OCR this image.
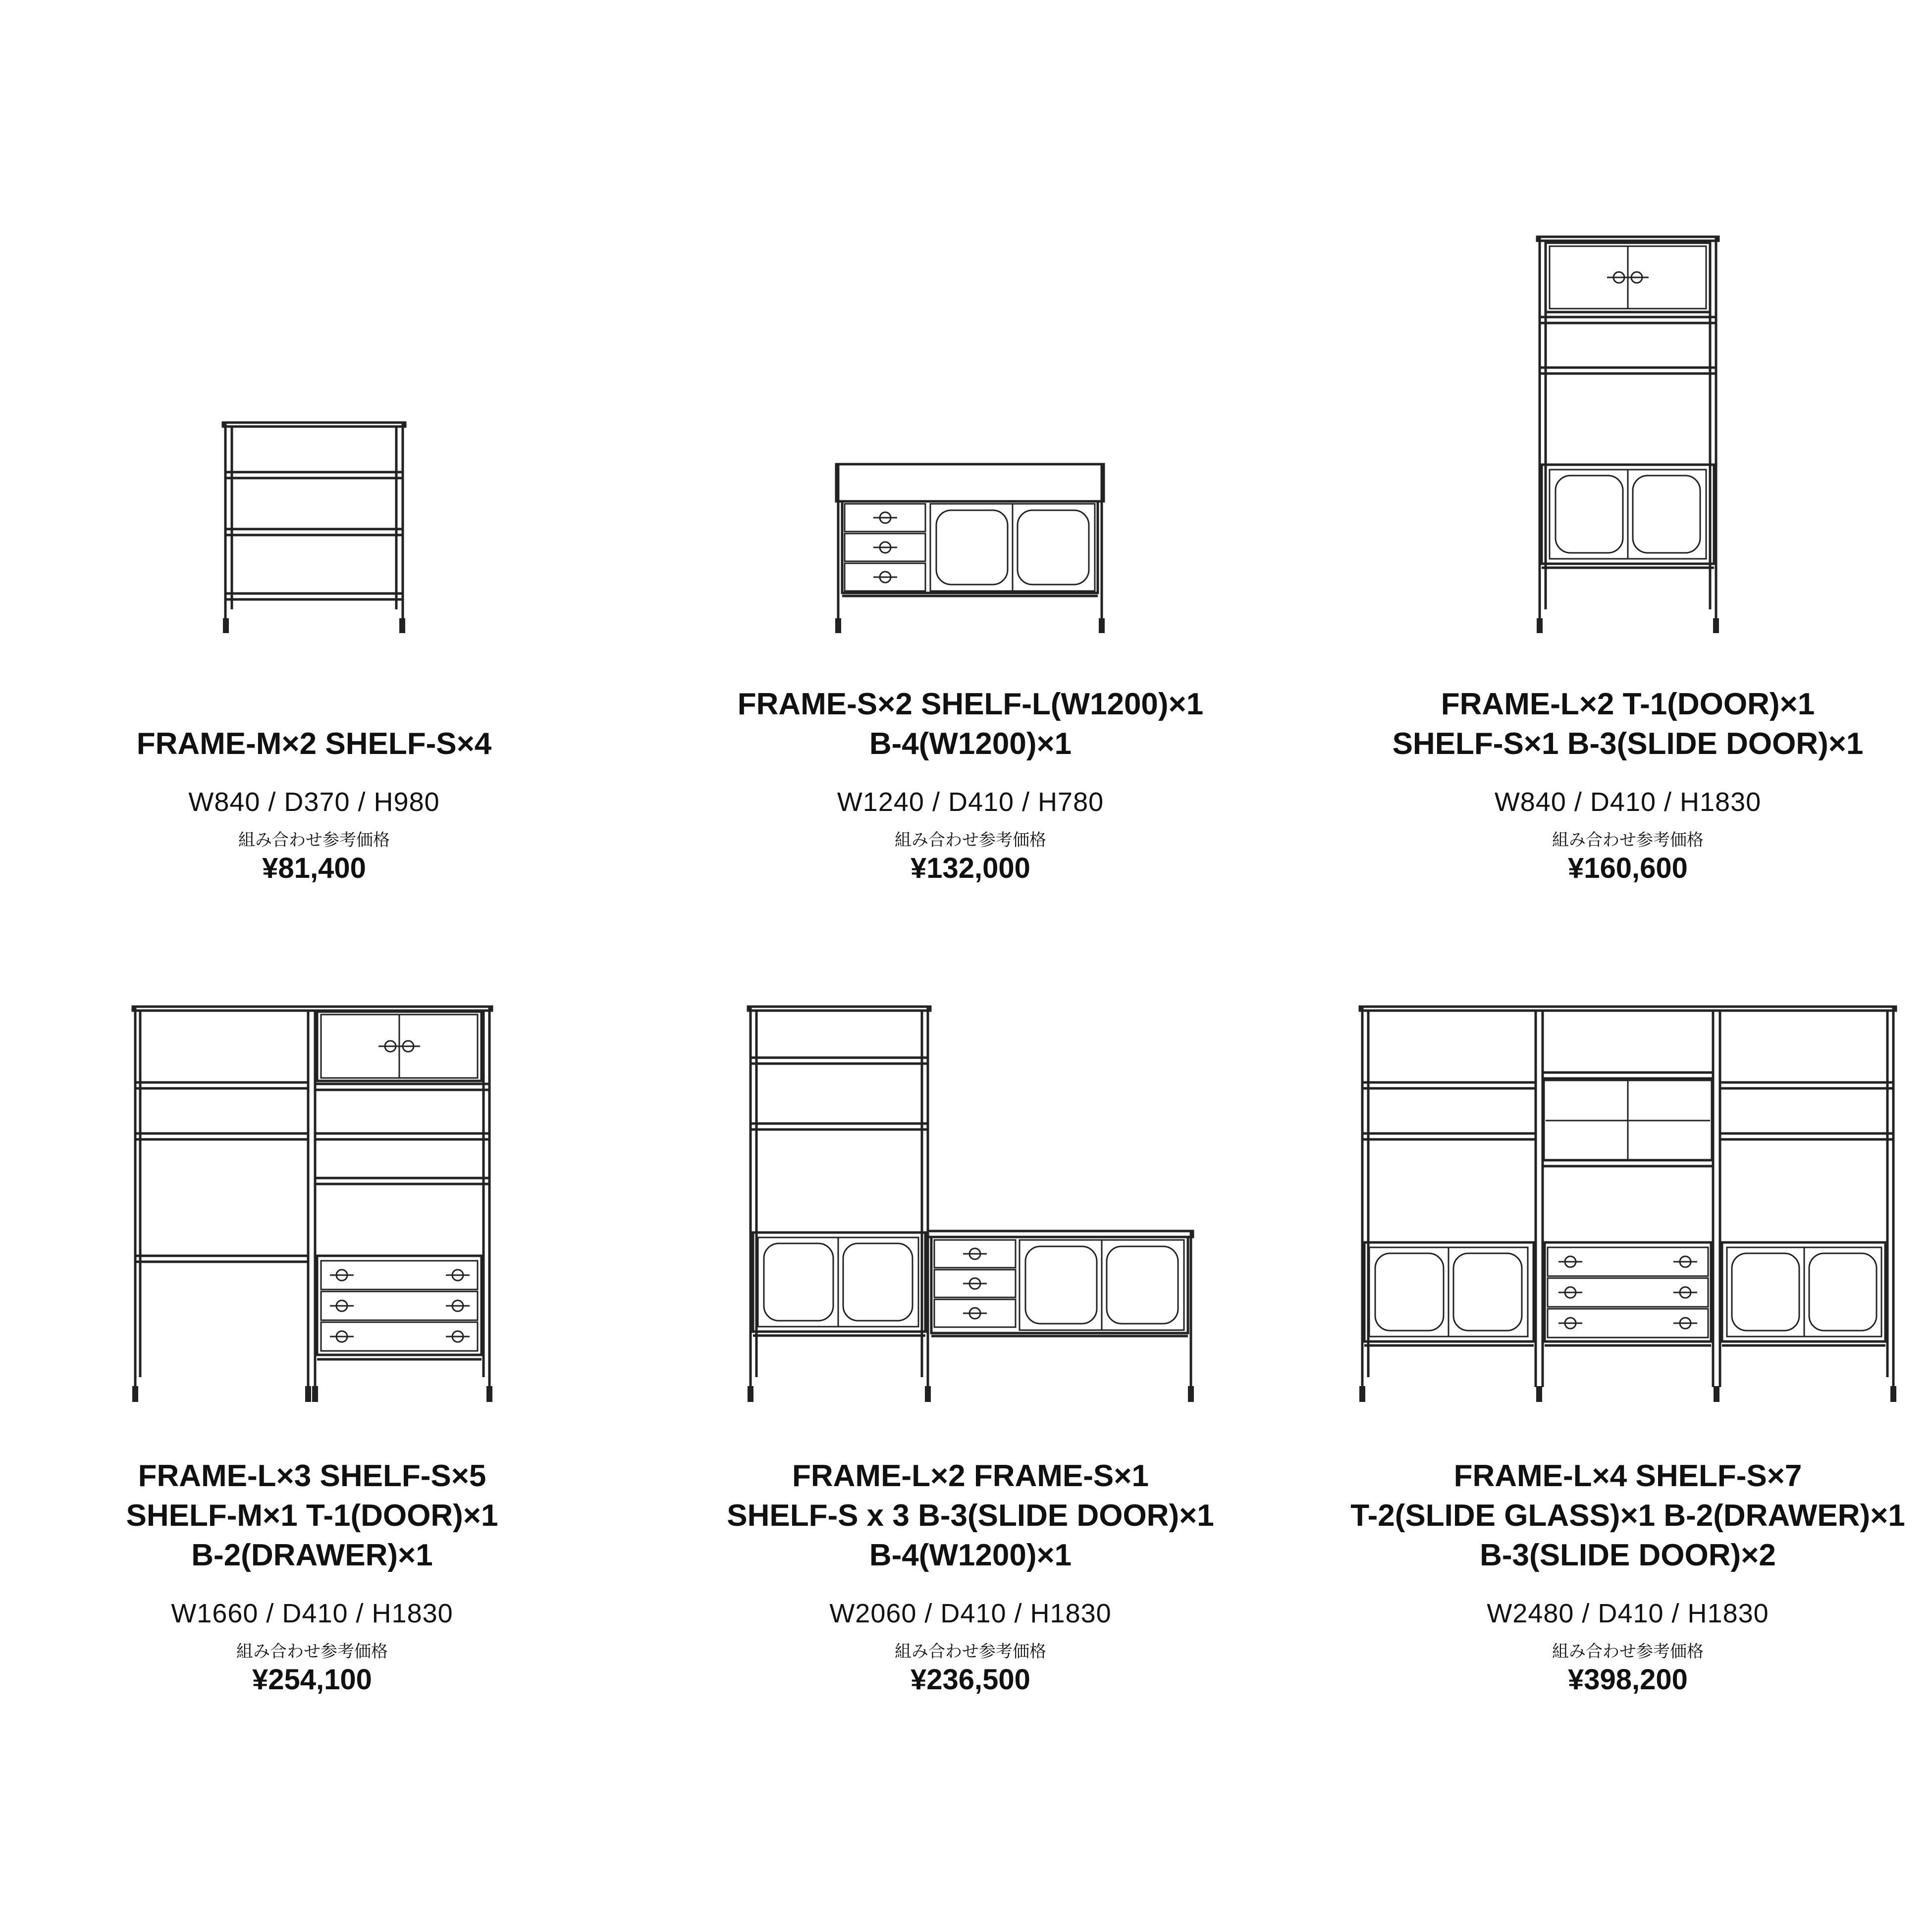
FRAME-M×2 SHELF-S×4
W840 / D370 / H980
組み合わせ参考価格
¥81,400
FRAME-S×2 SHELF-L(W1200)×1
B-4(W1200)×1
W1240 / D410 / H780
組み合わせ参考価格
¥132,000
FRAME-L×2 T-1(DOOR)×1
SHELF-S×1 B-3(SLIDE DOOR)×1
W840 / D410 / H1830
組み合わせ参考価格
¥160,600
FRAME-L×3 SHELF-S×5
SHELF-M×1 T-1(DOOR)×1
B-2(DRAWER)×1
W1660 / D410 / H1830
組み合わせ参考価格
¥254,100
FRAME-L×2 FRAME-S×1
SHELF-S x 3 B-3(SLIDE DOOR)×1
B-4(W1200)×1
W2060 / D410 / H1830
組み合わせ参考価格
¥236,500
FRAME-L×4 SHELF-S×7
T-2(SLIDE GLASS)×1 B-2(DRAWER)×1
B-3(SLIDE DOOR)×2
W2480 / D410 / H1830
組み合わせ参考価格
¥398,200
